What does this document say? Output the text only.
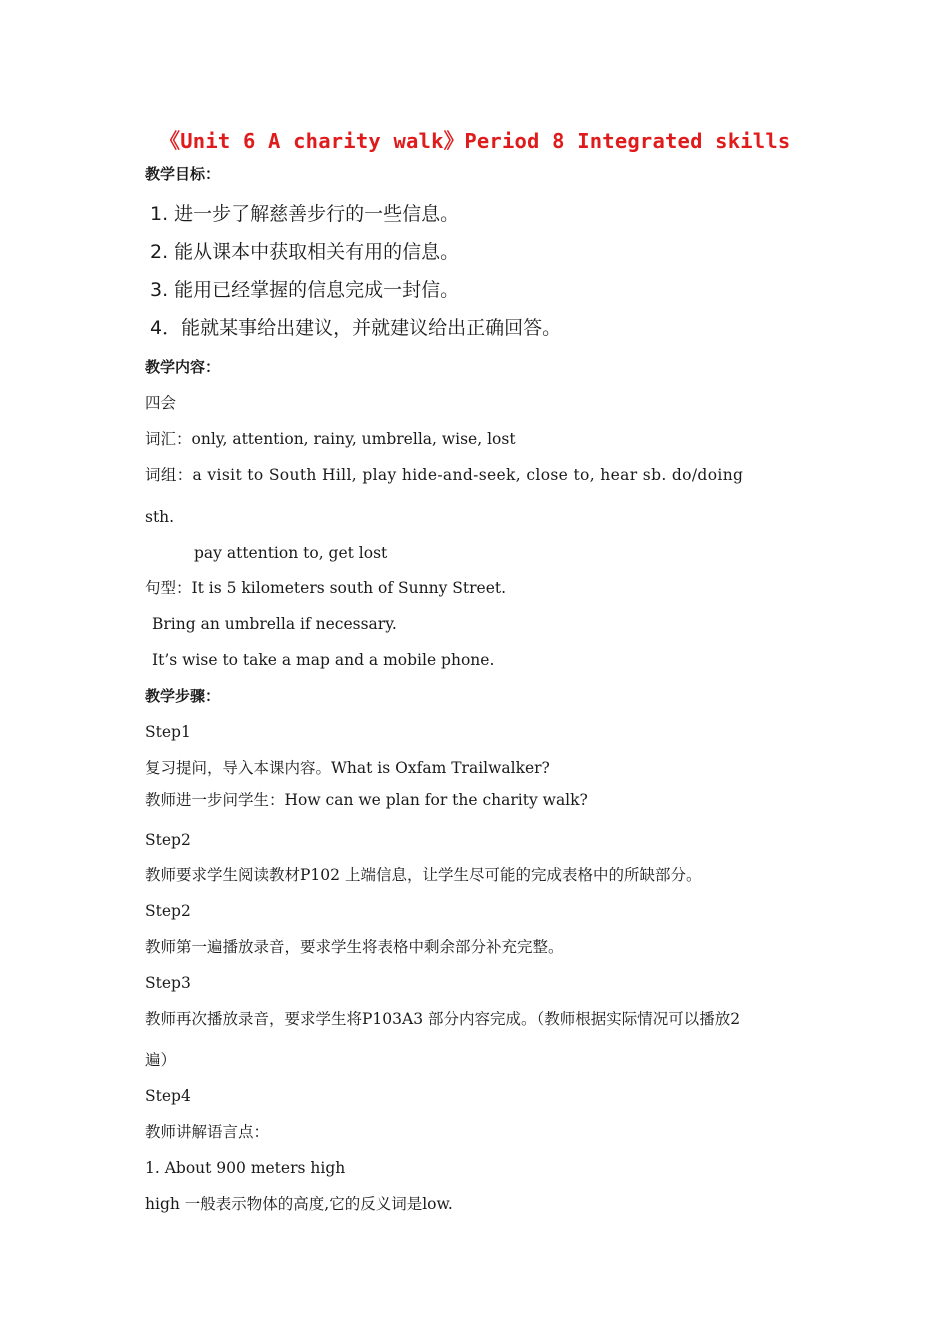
《Unit 6 A charity walk》Period 8 Integrated skills
教学目标：
1. 进一步了解慈善步行的一些信息。
2. 能从课本中获取相关有用的信息。
3. 能用已经掌握的信息完成一封信。
4．能就某事给出建议，并就建议给出正确回答。
教学内容：
四会
词汇：only, attention, rainy, umbrella, wise, lost
词组：a visit to South Hill, play hide-and-seek, close to, hear sb. do/doing
sth.
pay attention to, get lost
句型：It is 5 kilometers south of Sunny Street.
Bring an umbrella if necessary.
It’s wise to take a map and a mobile phone.
教学步骤：
Step1
复习提问，导入本课内容。What is Oxfam Trailwalker?
教师进一步问学生：How can we plan for the charity walk?
Step2
教师要求学生阅读教材P102 上端信息，让学生尽可能的完成表格中的所缺部分。
Step2
教师第一遍播放录音，要求学生将表格中剩余部分补充完整。
Step3
教师再次播放录音，要求学生将P103A3 部分内容完成。（教师根据实际情况可以播放2
遍）
Step4
教师讲解语言点：
1. About 900 meters high
high 一般表示物体的高度,它的反义词是low.
